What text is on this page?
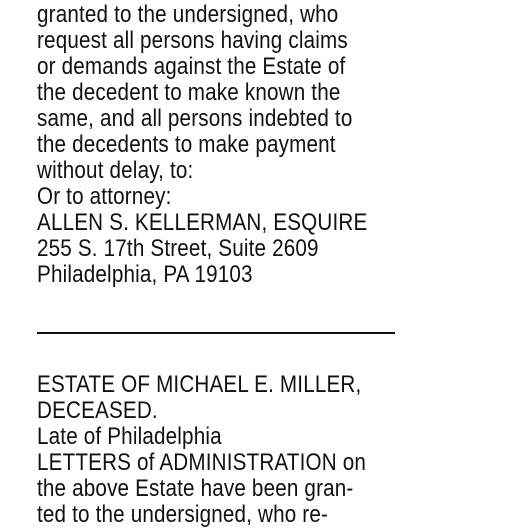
granted to the undersigned, who
request all persons having claims
or demands against the Estate of
the decedent to make known the
same, and all persons indebted to
the decedents to make payment
without delay, to:
Or to attorney:
ALLEN S. KELLERMAN, ESQUIRE
255 S. 17th Street, Suite 2609
Philadelphia, PA 19103
ESTATE OF MICHAEL E. MILLER,
DECEASED.
Late of Philadelphia
LETTERS of ADMINISTRATION on
the above Estate have been gran-
ted to the undersigned, who re-
